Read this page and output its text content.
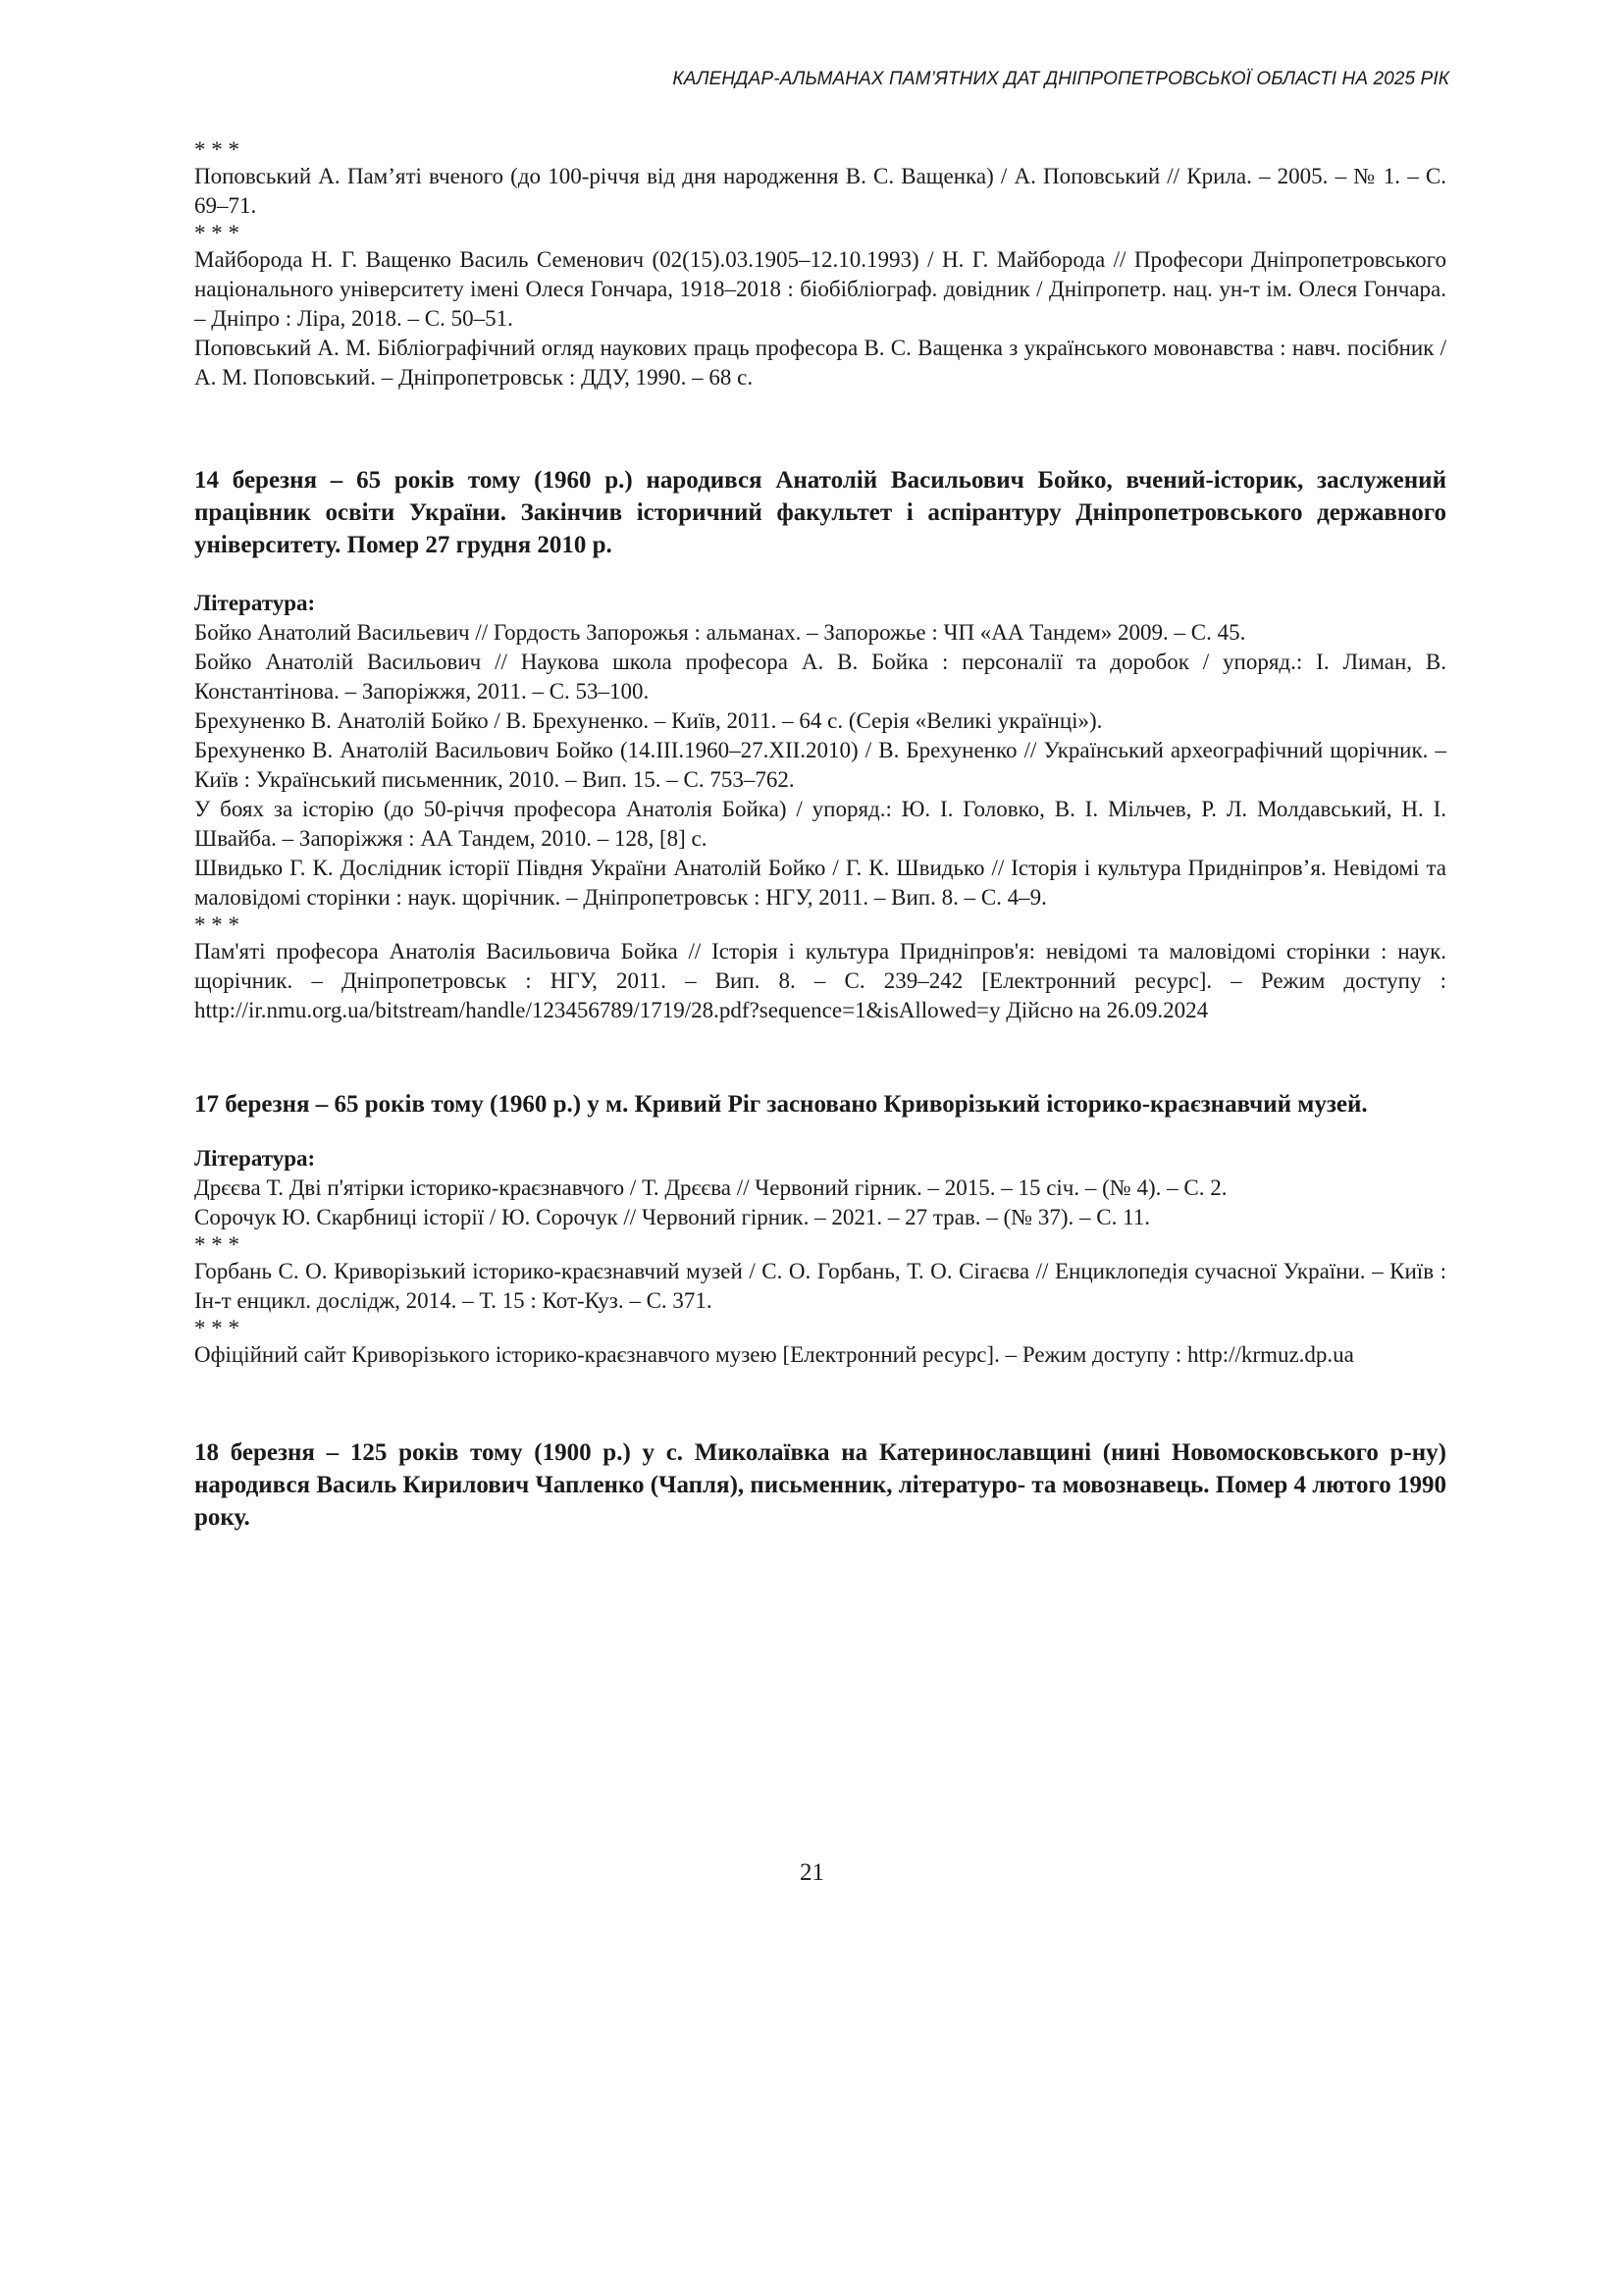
КАЛЕНДАР-АЛЬМАНАХ ПАМ’ЯТНИХ ДАТ ДНІПРОПЕТРОВСЬКОЇ ОБЛАСТІ НА 2025 РІК

* * *

Поповський А. Пам’яті вченого (до 100-річчя від дня народження В. С. Ващенка) / А. Поповський // Крила. – 2005. – № 1. – С. 69–71.

* * *

Майборода Н. Г. Ващенко Василь Семенович (02(15).03.1905–12.10.1993) / Н. Г. Майборода // Професори Дніпропетровського національного університету імені Олеся Гончара, 1918–2018 : біобібліограф. довідник / Дніпропетр. нац. ун-т ім. Олеся Гончара. – Дніпро : Ліра, 2018. – С. 50–51.

Поповський А. М. Бібліографічний огляд наукових праць професора В. С. Ващенка з українського мовонавства : навч. посібник / А. М. Поповський. – Дніпропетровськ : ДДУ, 1990. – 68 с.

14 березня – 65 років тому (1960 р.) народився Анатолій Васильович Бойко, вчений-історик, заслужений працівник освіти України. Закінчив історичний факультет і аспірантуру Дніпропетровського державного університету. Помер 27 грудня 2010 р.

Література:

Бойко Анатолий Васильевич // Гордость Запорожья : альманах. – Запорожье : ЧП «АА Тандем» 2009. – С. 45.

Бойко Анатолій Васильович // Наукова школа професора А. В. Бойка : персоналії та доробок / упоряд.: І. Лиман, В. Константінова. – Запоріжжя, 2011. – С. 53–100.

Брехуненко В. Анатолій Бойко / В. Брехуненко. – Київ, 2011. – 64 с. (Серія «Великі українці»).

Брехуненко В. Анатолій Васильович Бойко (14.ІІІ.1960–27.ХІІ.2010) / В. Брехуненко // Український археографічний щорічник. – Київ : Український письменник, 2010. – Вип. 15. – С. 753–762.

У боях за історію (до 50-річчя професора Анатолія Бойка) / упоряд.: Ю. І. Головко, В. І. Мільчев, Р. Л. Молдавський, Н. І. Швайба. – Запоріжжя : АА Тандем, 2010. – 128, [8] с.

Швидько Г. К. Дослідник історії Півдня України Анатолій Бойко / Г. К. Швидько // Історія і культура Придніпров’я. Невідомі та маловідомі сторінки : наук. щорічник. – Дніпропетровськ : НГУ, 2011. – Вип. 8. – С. 4–9.

* * *

Пам'яті професора Анатолія Васильовича Бойка // Історія і культура Придніпров'я: невідомі та маловідомі сторінки : наук. щорічник. – Дніпропетровськ : НГУ, 2011. – Вип. 8. – С. 239–242 [Електронний ресурс]. – Режим доступу : http://ir.nmu.org.ua/bitstream/handle/123456789/1719/28.pdf?sequence=1&isAllowed=y Дійсно на 26.09.2024

17 березня – 65 років тому (1960 р.) у м. Кривий Ріг засновано Криворізький історико-краєзнавчий музей.

Література:

Дрєєва Т. Дві п'ятірки історико-краєзнавчого / Т. Дрєєва // Червоний гірник. – 2015. – 15 січ. – (№ 4). – С. 2.

Сорочук Ю. Скарбниці історії / Ю. Сорочук // Червоний гірник. – 2021. – 27 трав. – (№ 37). – С. 11.

* * *

Горбань С. О. Криворізький історико-краєзнавчий музей / С. О. Горбань, Т. О. Сігаєва // Енциклопедія сучасної України. – Київ : Ін-т енцикл. дослідж, 2014. – Т. 15 : Кот-Куз. – С. 371.

* * *

Офіційний сайт Криворізького історико-краєзнавчого музею [Електронний ресурс]. – Режим доступу : http://krmuz.dp.ua

18 березня – 125 років тому (1900 р.) у с. Миколаївка на Катеринославщині (нині Новомосковського р-ну) народився Василь Кирилович Чапленко (Чапля), письменник, літературо- та мовознавець. Помер 4 лютого 1990 року.

21
